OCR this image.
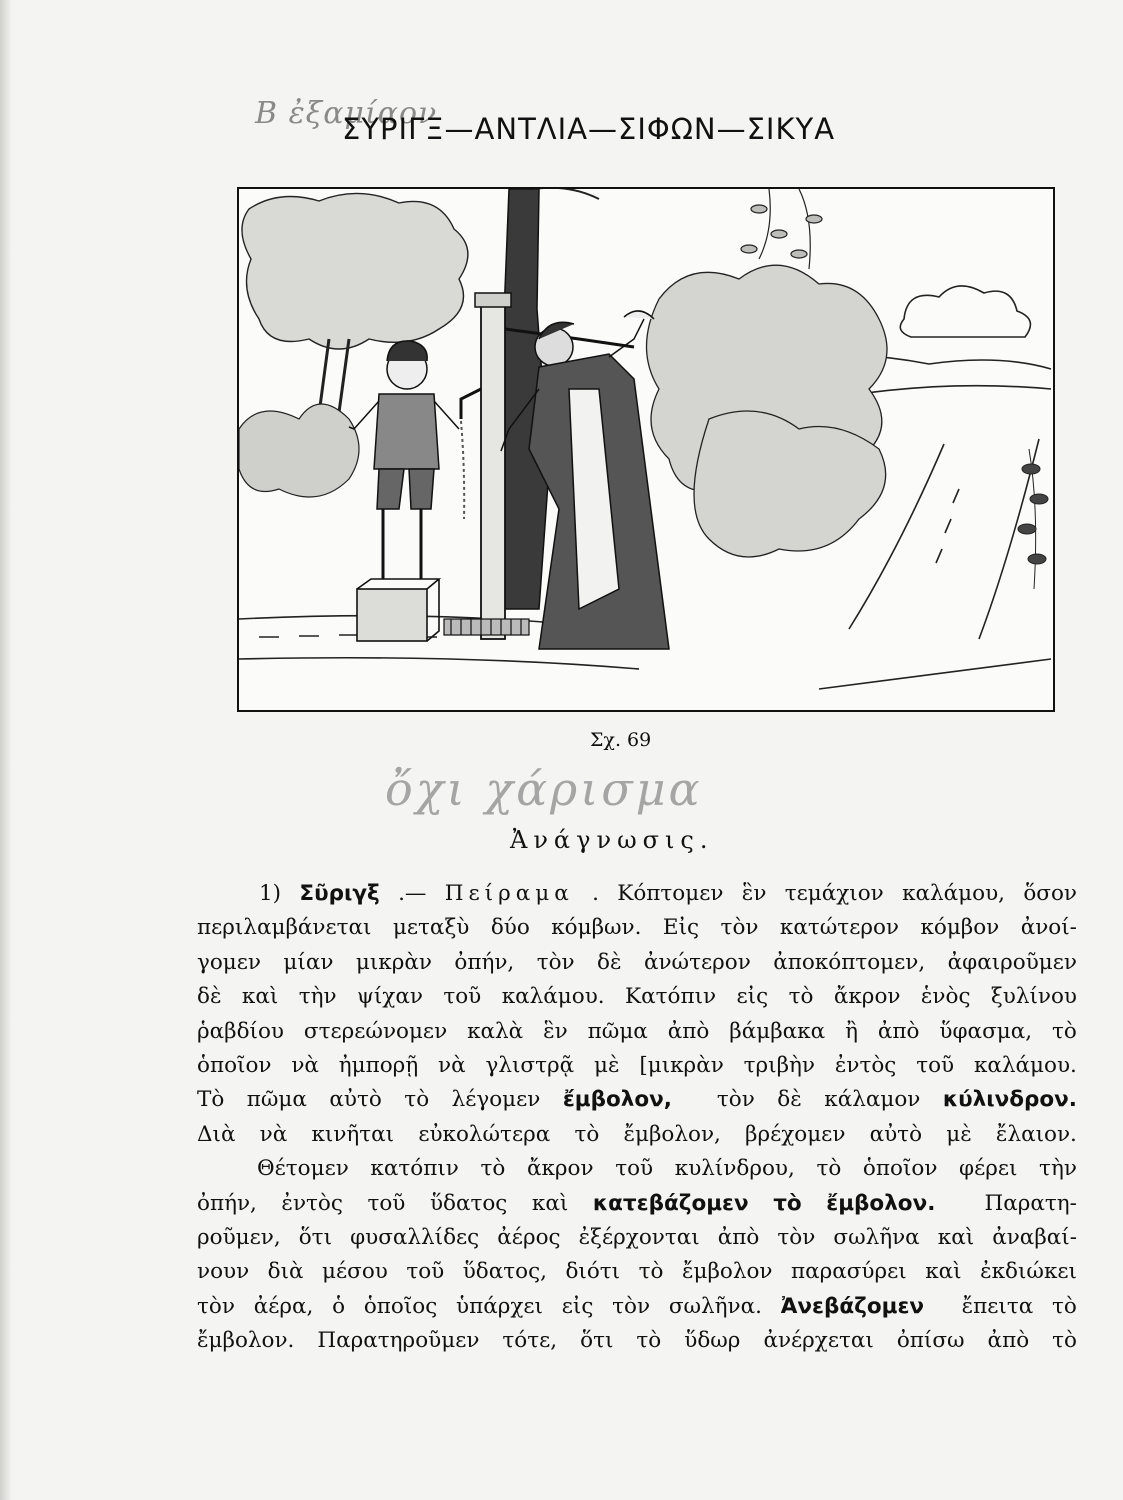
Β ἐξαμίαον
ΣΥΡΙΓΞ—ΑΝΤΛΙΑ—ΣΙΦΩΝ—ΣΙΚΥΑ
Σχ. 69
ὄχι χάρισμα
Ἀνάγνωσις.
1) Σῦριγξ .— Πείραμα . Κόπτομεν ἓν τεμάχιον καλάμου, ὅσον
περιλαμβάνεται μεταξὺ δύο κόμβων. Εἰς τὸν κατώτερον κόμβον ἀνοί-
γομεν μίαν μικρὰν ὀπήν, τὸν δὲ ἀνώτερον ἀποκόπτομεν, ἀφαιροῦμεν
δὲ καὶ τὴν ψίχαν τοῦ καλάμου. Κατόπιν εἰς τὸ ἄκρον ἑνὸς ξυλίνου
ῥαβδίου στερεώνομεν καλὰ ἓν πῶμα ἀπὸ βάμβακα ἢ ἀπὸ ὕφασμα, τὸ
ὁποῖον νὰ ἠμπορῇ νὰ γλιστρᾷ μὲ [μικρὰν τριβὴν ἐντὸς τοῦ καλάμου.
Τὸ πῶμα αὐτὸ τὸ λέγομεν ἔμβολον, τὸν δὲ κάλαμον κύλινδρον.
Διὰ νὰ κινῆται εὐκολώτερα τὸ ἔμβολον, βρέχομεν αὐτὸ μὲ ἔλαιον.
Θέτομεν κατόπιν τὸ ἄκρον τοῦ κυλίνδρου, τὸ ὁποῖον φέρει τὴν
ὀπήν, ἐντὸς τοῦ ὕδατος καὶ κατεβάζομεν τὸ ἔμβολον. Παρατη-
ροῦμεν, ὅτι φυσαλλίδες ἀέρος ἐξέρχονται ἀπὸ τὸν σωλῆνα καὶ ἀναβαί-
νουν διὰ μέσου τοῦ ὕδατος, διότι τὸ ἔμβολον παρασύρει καὶ ἐκδιώκει
τὸν ἀέρα, ὁ ὁποῖος ὑπάρχει εἰς τὸν σωλῆνα. Ἀνεβάζομεν ἔπειτα τὸ
ἔμβολον. Παρατηροῦμεν τότε, ὅτι τὸ ὕδωρ ἀνέρχεται ὀπίσω ἀπὸ τὸ
